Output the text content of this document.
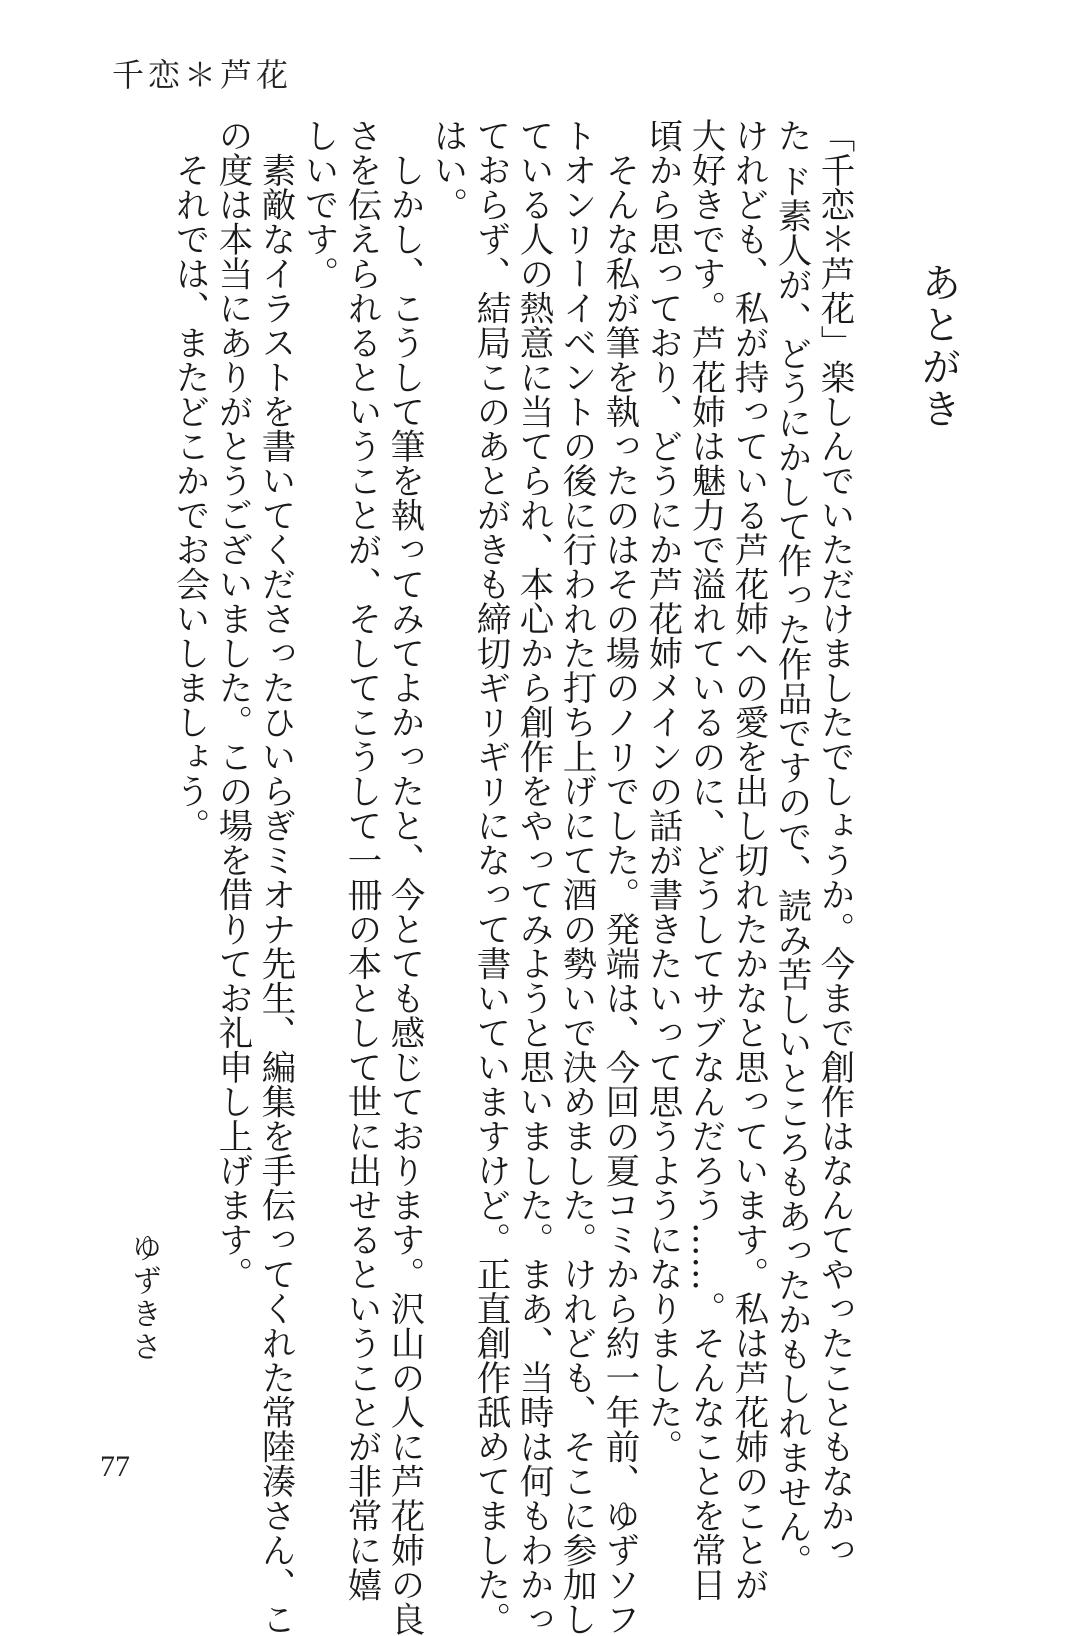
千恋＊芦花
あとがき

「千恋＊芦花」楽しんでいただけましたでしょうか。今まで創作はなんてやったこともなかっ

た ド素人が、どうにかして作った作品ですので、読み苦しいところもあったかもしれません。

けれども、私が持っている芦花姉への愛を出し切れたかなと思っています。私は芦花姉のことが

大好きです。芦花姉は魅力で溢れているのに、どうしてサブなんだろう……。そんなことを常日

頃から思っており、どうにか芦花姉メインの話が書きたいって思うようになりました。

　そんな私が筆を執ったのはその場のノリでした。発端は、今回の夏コミから約一年前、ゆずソフ

トオンリーイベントの後に行われた打ち上げにて酒の勢いで決めました。けれども、そこに参加し

ている人の熱意に当てられ、本心から創作をやってみようと思いました。まあ、当時は何もわかっ

ておらず、結局このあとがきも締切ギリギリになって書いていますけど。正直創作舐めてました。

はい。

　しかし、こうして筆を執ってみてよかったと、今とても感じております。沢山の人に芦花姉の良

さを伝えられるということが、そしてこうして一冊の本として世に出せるということが非常に嬉

しいです。

　素敵なイラストを書いてくださったひいらぎミオナ先生、編集を手伝ってくれた常陸湊さん、こ

の度は本当にありがとうございました。この場を借りてお礼申し上げます。

　それでは、またどこかでお会いしましょう。

ゆずきさ
77
